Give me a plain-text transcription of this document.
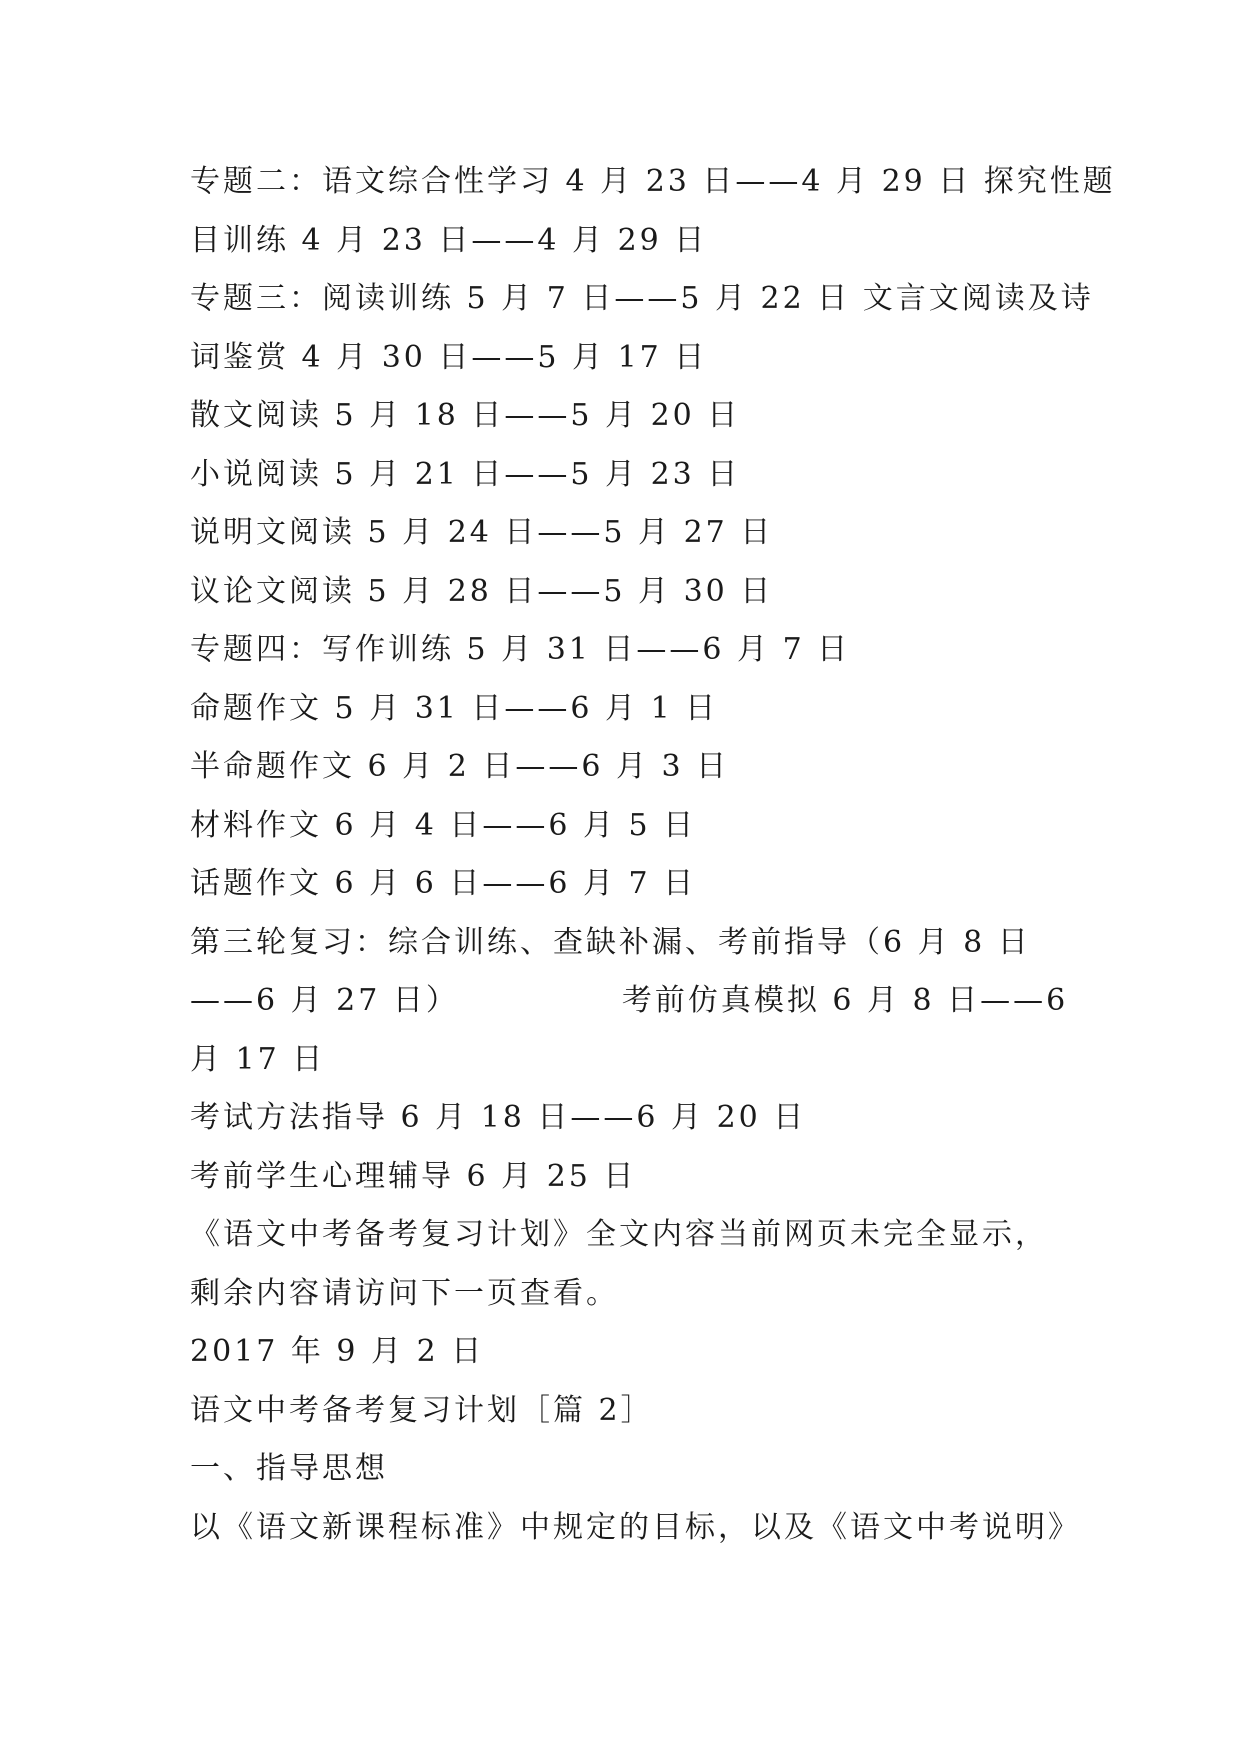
专题二：语文综合性学习 4 月 23 日——4 月 29 日 探究性题
目训练 4 月 23 日——4 月 29 日
专题三：阅读训练 5 月 7 日——5 月 22 日 文言文阅读及诗
词鉴赏 4 月 30 日——5 月 17 日
散文阅读 5 月 18 日——5 月 20 日
小说阅读 5 月 21 日——5 月 23 日
说明文阅读 5 月 24 日——5 月 27 日
议论文阅读 5 月 28 日——5 月 30 日
专题四：写作训练 5 月 31 日——6 月 7 日
命题作文 5 月 31 日——6 月 1 日
半命题作文 6 月 2 日——6 月 3 日
材料作文 6 月 4 日——6 月 5 日
话题作文 6 月 6 日——6 月 7 日
第三轮复习：综合训练、查缺补漏、考前指导（6 月 8 日
——6 月 27 日）             考前仿真模拟 6 月 8 日——6
月 17 日
考试方法指导 6 月 18 日——6 月 20 日
考前学生心理辅导 6 月 25 日
《语文中考备考复习计划》全文内容当前网页未完全显示，
剩余内容请访问下一页查看。
2017 年 9 月 2 日
语文中考备考复习计划［篇 2］
一、指导思想
以《语文新课程标准》中规定的目标，以及《语文中考说明》
